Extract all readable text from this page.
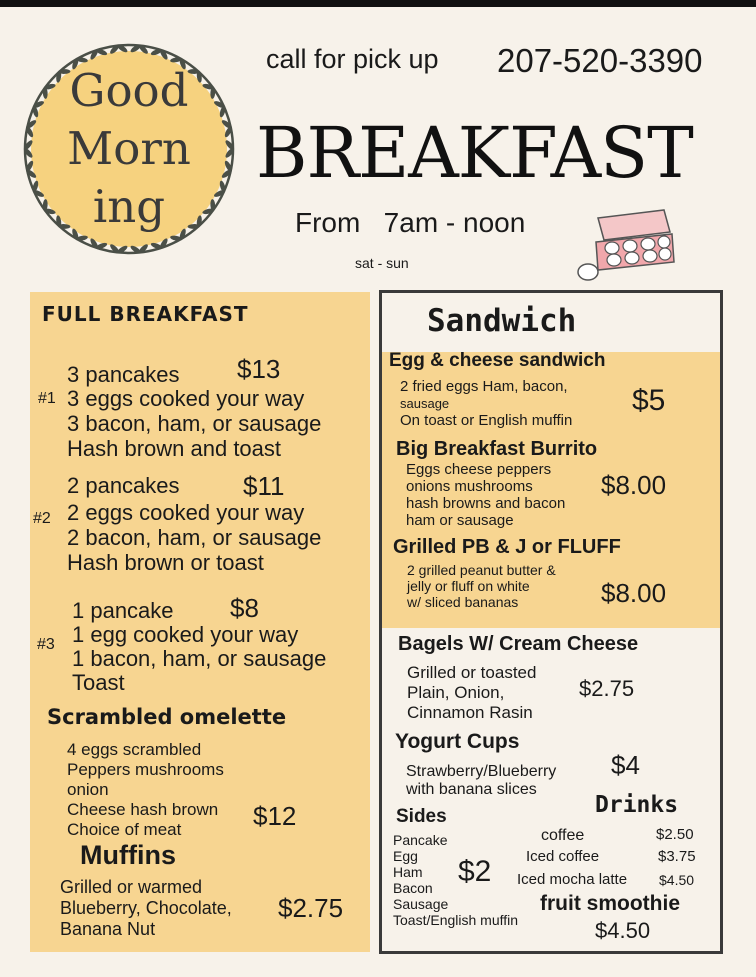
Good
Morn
ing
call for pick up 207-520-3390
BREAKFAST
From 7am - noon
sat - sun
FULL BREAKFAST
3 pancakes $13
#1 3 eggs cooked your way
3 bacon, ham, or sausage
Hash brown and toast
2 pancakes $11
#2 2 eggs cooked your way
2 bacon, ham, or sausage
Hash brown or toast
1 pancake $8
#3 1 egg cooked your way
1 bacon, ham, or sausage
Toast
Scrambled omelette
4 eggs scrambled
Peppers mushrooms
onion
Cheese hash brown
Choice of meat	$12
Muffins
Grilled or warmed
Blueberry, Chocolate,
Banana Nut
$2.75
Sandwich
Egg & cheese sandwich
2 fried eggs Ham, bacon,
sausage
On toast or English muffin
$5
Big Breakfast Burrito
Eggs cheese peppers
onions mushrooms
hash browns and bacon
ham or sausage
$8.00
Grilled PB & J or FLUFF
2 grilled peanut butter &
jelly or fluff on white
w/ sliced bananas	$8.00
Bagels W/ Cream Cheese
Grilled or toasted
Plain, Onion,
Cinnamon Rasin
$2.75
Yogurt Cups
Strawberry/Blueberry
with banana slices
$4
Sides
Pancake
Egg
Ham
Bacon
Sausage
Toast/English muffin
$2
Drinks
coffee	$2.50
Iced coffee	$3.75
Iced mocha latte $4.50
fruit smoothie
$4.50
